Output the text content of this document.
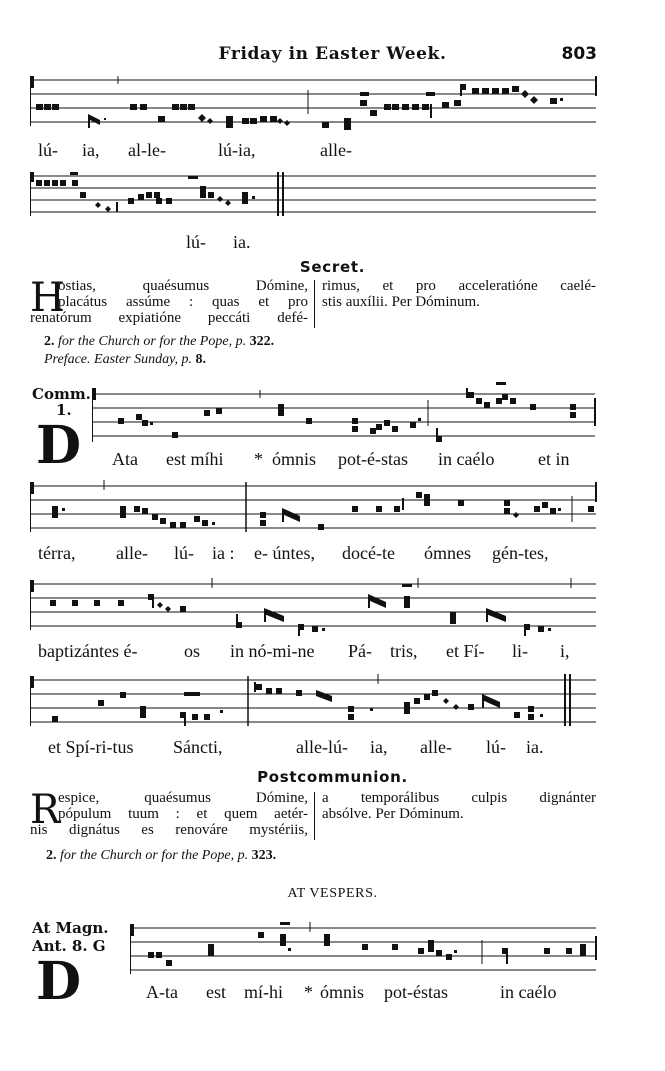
Friday in Easter Week.	803
lú- ia, al-le-	lú-ia,	alle-
lú- ia.
Secret.
H
ostias, quaésumus Dómine,
placátus assúme : quas et pro
renatórum expiatióne peccáti defé-
rimus, et pro acceleratióne caelé-
stis auxílii. Per Dóminum.
2. for the Church or for the Pope, p. 322.
Preface. Easter Sunday, p. 8.
Comm.
1.
D Ata est míhi * ómnis pot-é-stas in caélo et in
térra, alle- lú- ia : e- úntes, docé-te ómnes gén-tes,
baptizántes é-	os in nó-mi-ne Pá- tris, et Fí- li- i,
et Spí-ri-tus Sáncti,	alle-lú- ia, alle- lú- ia.
Postcommunion.
R
espice, quaésumus Dómine,
pópulum tuum : et quem aetér-
nis dignátus es renováre mystériis,
a temporálibus culpis dignánter
absólve. Per Dóminum.
2. for the Church or for the Pope, p. 323.
AT VESPERS.
At Magn.
Ant. 8. G
D	A-ta est mí-hi * ómnis pot-éstas	in caélo
